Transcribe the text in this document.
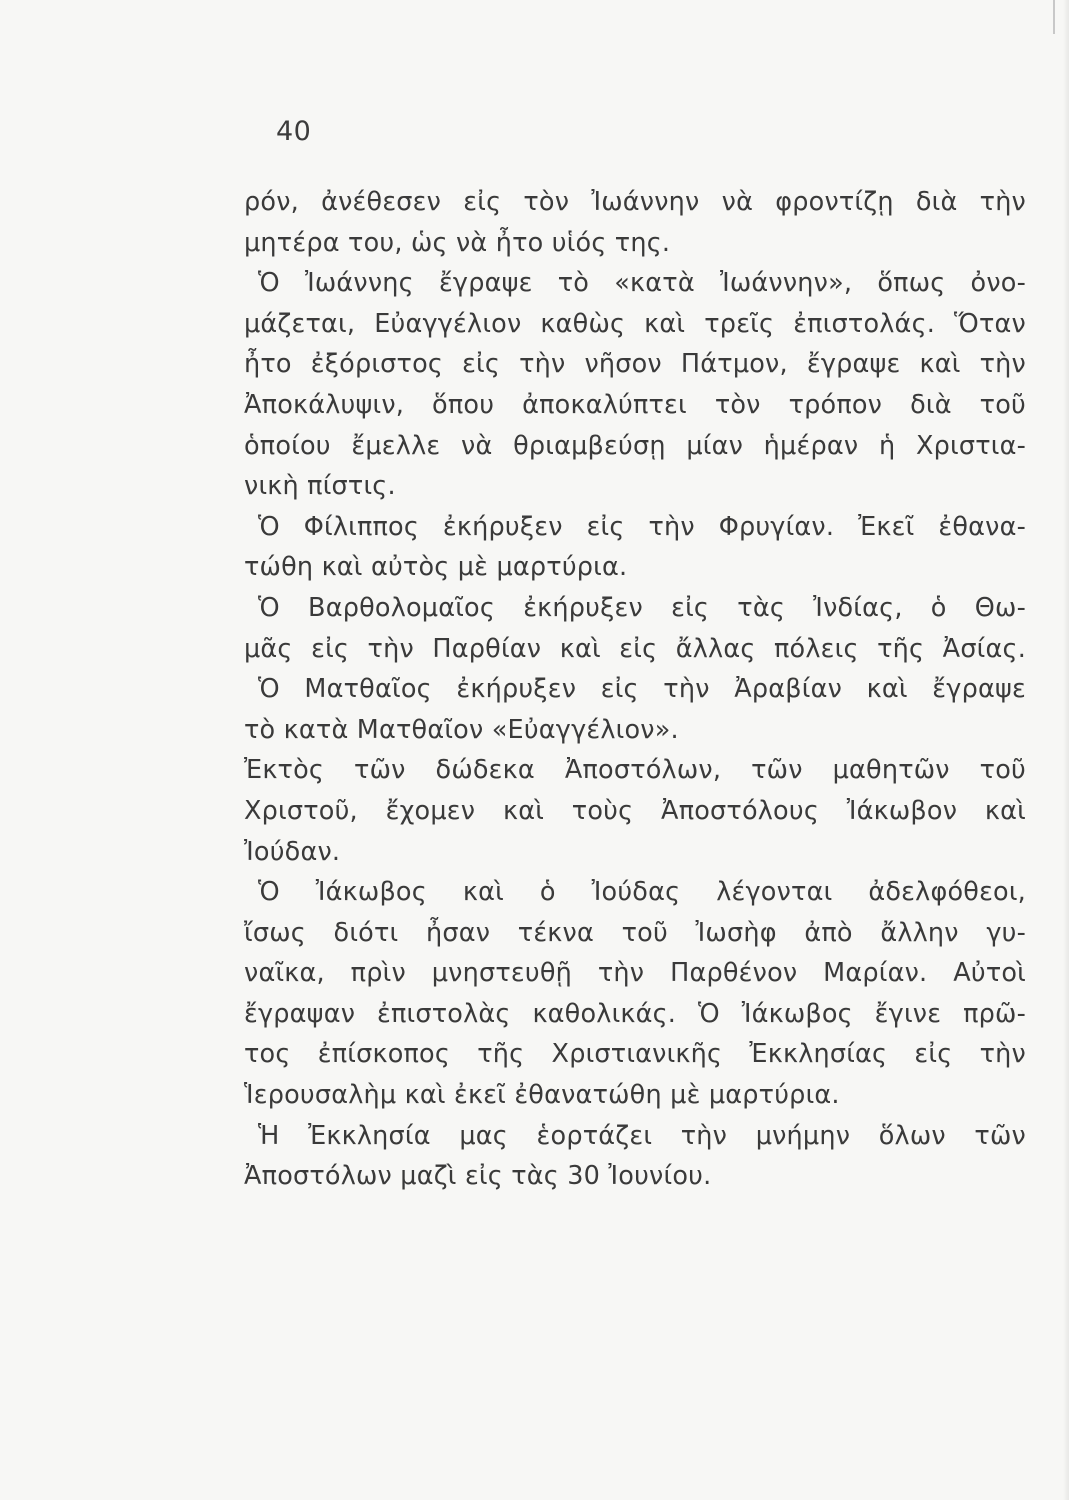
40
ρόν, ἀνέθεσεν εἰς τὸν Ἰωάννην νὰ φροντίζῃ διὰ τὴν
μητέρα του, ὡς νὰ ἦτο υἱός της.
Ὁ Ἰωάννης ἔγραψε τὸ «κατὰ Ἰωάννην», ὅπως ὀνο-
μάζεται, Εὐαγγέλιον καθὼς καὶ τρεῖς ἐπιστολάς. Ὅταν
ἦτο ἐξόριστος εἰς τὴν νῆσον Πάτμον, ἔγραψε καὶ τὴν
Ἀποκάλυψιν, ὅπου ἀποκαλύπτει τὸν τρόπον διὰ τοῦ
ὁποίου ἔμελλε νὰ θριαμβεύσῃ μίαν ἡμέραν ἡ Χριστια-
νικὴ πίστις.
Ὁ Φίλιππος ἐκήρυξεν εἰς τὴν Φρυγίαν. Ἐκεῖ ἐθανα-
τώθη καὶ αὐτὸς μὲ μαρτύρια.
Ὁ Βαρθολομαῖος ἐκήρυξεν εἰς τὰς Ἰνδίας, ὁ Θω-
μᾶς εἰς τὴν Παρθίαν καὶ εἰς ἄλλας πόλεις τῆς Ἀσίας.
Ὁ Ματθαῖος ἐκήρυξεν εἰς τὴν Ἀραβίαν καὶ ἔγραψε
τὸ κατὰ Ματθαῖον «Εὐαγγέλιον».
Ἐκτὸς τῶν δώδεκα Ἀποστόλων, τῶν μαθητῶν τοῦ
Χριστοῦ, ἔχομεν καὶ τοὺς Ἀποστόλους Ἰάκωβον καὶ
Ἰούδαν.
Ὁ Ἰάκωβος καὶ ὁ Ἰούδας λέγονται ἀδελφόθεοι,
ἴσως διότι ἦσαν τέκνα τοῦ Ἰωσὴφ ἀπὸ ἄλλην γυ-
ναῖκα, πρὶν μνηστευθῇ τὴν Παρθένον Μαρίαν. Αὐτοὶ
ἔγραψαν ἐπιστολὰς καθολικάς. Ὁ Ἰάκωβος ἔγινε πρῶ-
τος ἐπίσκοπος τῆς Χριστιανικῆς Ἐκκλησίας εἰς τὴν
Ἱερουσαλὴμ καὶ ἐκεῖ ἐθανατώθη μὲ μαρτύρια.
Ἡ Ἐκκλησία μας ἑορτάζει τὴν μνήμην ὅλων τῶν
Ἀποστόλων μαζὶ εἰς τὰς 30 Ἰουνίου.
